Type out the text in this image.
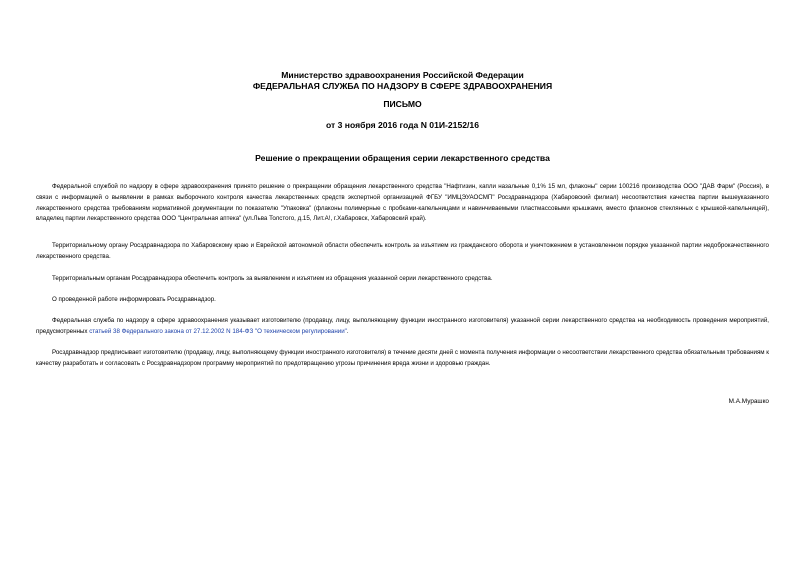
Министерство здравоохранения Российской Федерации
ФЕДЕРАЛЬНАЯ СЛУЖБА ПО НАДЗОРУ В СФЕРЕ ЗДРАВООХРАНЕНИЯ
ПИСЬМО
от 3 ноября 2016 года N 01И-2152/16
Решение о прекращении обращения серии лекарственного средства

Федеральной службой по надзору в сфере здравоохранения принято решение о прекращении обращения лекарственного средства "Нафтизин, капли назальные 0,1% 15 мл, флаконы" серии 100216 производства ООО "ДАВ Фарм" (Россия), в связи с информацией о выявлении в рамках выборочного контроля качества лекарственных средств экспертной организацией ФГБУ "ИМЦЭУАОСМП" Росздравнадзора (Хабаровский филиал) несоответствия качества партии вышеуказанного лекарственного средства требованиям нормативной документации по показателю "Упаковка" (флаконы полимерные с пробками-капельницами и навинчиваемыми пластмассовыми крышками, вместо флаконов стеклянных с крышкой-капельницей), владелец партии лекарственного средства ООО "Центральная аптека" (ул.Льва Толстого, д.15, Лит.А!, г.Хабаровск, Хабаровский край).

Территориальному органу Росздравнадзора по Хабаровскому краю и Еврейской автономной области обеспечить контроль за изъятием из гражданского оборота и уничтожением в установленном порядке указанной партии недоброкачественного лекарственного средства.

Территориальным органам Росздравнадзора обеспечить контроль за выявлением и изъятием из обращения указанной серии лекарственного средства.

О проведенной работе информировать Росздравнадзор.

Федеральная служба по надзору в сфере здравоохранения указывает изготовителю (продавцу, лицу, выполняющему функции иностранного изготовителя) указанной серии лекарственного средства на необходимость проведения мероприятий, предусмотренных статьей 38 Федерального закона от 27.12.2002 N 184-ФЗ "О техническом регулировании".

Росздравнадзор предписывает изготовителю (продавцу, лицу, выполняющему функции иностранного изготовителя) в течение десяти дней с момента получения информации о несоответствии лекарственного средства обязательным требованиям к качеству разработать и согласовать с Росздравнадзором программу мероприятий по предотвращению угрозы причинения вреда жизни и здоровью граждан.

М.А.Мурашко
